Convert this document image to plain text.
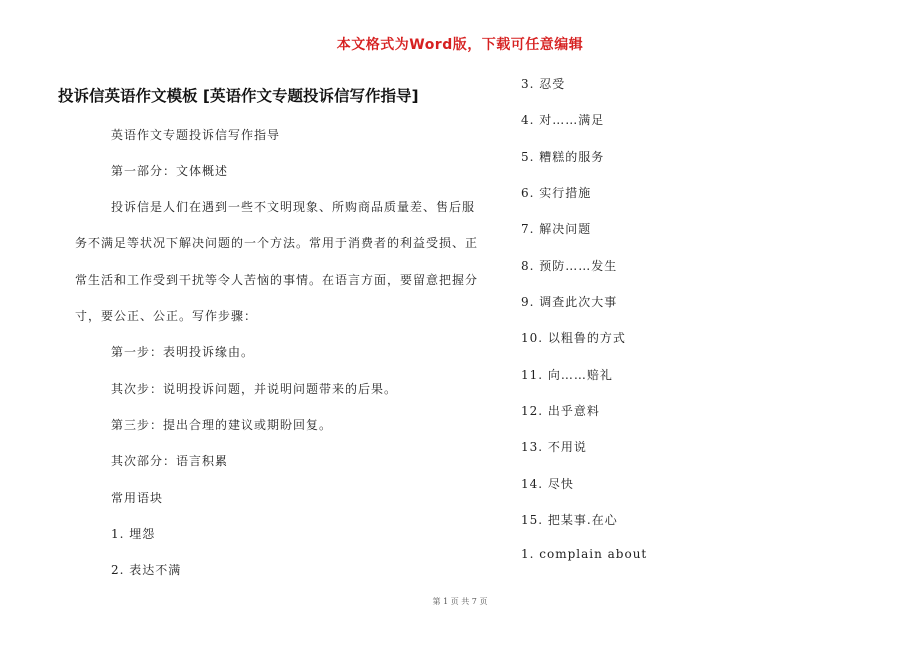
本文格式为Word版，下载可任意编辑
投诉信英语作文模板 [英语作文专题投诉信写作指导]
英语作文专题投诉信写作指导
第一部分：文体概述
投诉信是人们在遇到一些不文明现象、所购商品质量差、售后服
务不满足等状况下解决问题的一个方法。常用于消费者的利益受损、正
常生活和工作受到干扰等令人苦恼的事情。在语言方面，要留意把握分
寸，要公正、公正。写作步骤：
第一步：表明投诉缘由。
其次步：说明投诉问题，并说明问题带来的后果。
第三步：提出合理的建议或期盼回复。
其次部分：语言积累
常用语块
1. 埋怨
2. 表达不满
3. 忍受
4. 对……满足
5. 糟糕的服务
6. 实行措施
7. 解决问题
8. 预防……发生
9. 调查此次大事
10. 以粗鲁的方式
11. 向……赔礼
12. 出乎意料
13. 不用说
14. 尽快
15. 把某事.在心
1. complain about
第 1 页 共 7 页
